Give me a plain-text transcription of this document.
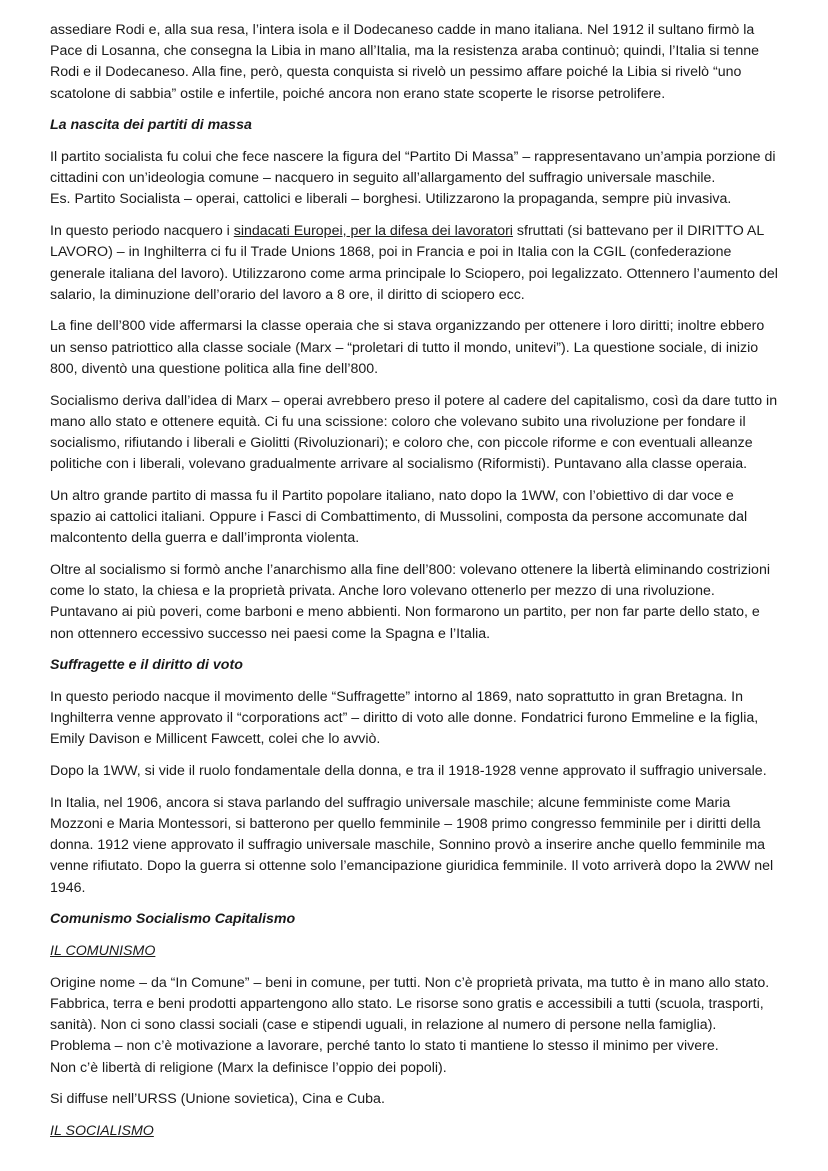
assediare Rodi e, alla sua resa, l’intera isola e il Dodecaneso cadde in mano italiana. Nel 1912 il sultano firmò la Pace di Losanna, che consegna la Libia in mano all’Italia, ma la resistenza araba continuò; quindi, l’Italia si tenne Rodi e il Dodecaneso. Alla fine, però, questa conquista si rivelò un pessimo affare poiché la Libia si rivelò “uno scatolone di sabbia” ostile e infertile, poiché ancora non erano state scoperte le risorse petrolifere.

La nascita dei partiti di massa

Il partito socialista fu colui che fece nascere la figura del “Partito Di Massa” – rappresentavano un’ampia porzione di cittadini con un’ideologia comune – nacquero in seguito all’allargamento del suffragio universale maschile.
Es. Partito Socialista – operai, cattolici e liberali – borghesi. Utilizzarono la propaganda, sempre più invasiva.

In questo periodo nacquero i sindacati Europei, per la difesa dei lavoratori sfruttati (si battevano per il DIRITTO AL LAVORO) – in Inghilterra ci fu il Trade Unions 1868, poi in Francia e poi in Italia con la CGIL (confederazione generale italiana del lavoro). Utilizzarono come arma principale lo Sciopero, poi legalizzato. Ottennero l’aumento del salario, la diminuzione dell’orario del lavoro a 8 ore, il diritto di sciopero ecc.

La fine dell’800 vide affermarsi la classe operaia che si stava organizzando per ottenere i loro diritti; inoltre ebbero un senso patriottico alla classe sociale (Marx – “proletari di tutto il mondo, unitevi”). La questione sociale, di inizio 800, diventò una questione politica alla fine dell’800.

Socialismo deriva dall’idea di Marx – operai avrebbero preso il potere al cadere del capitalismo, così da dare tutto in mano allo stato e ottenere equità. Ci fu una scissione: coloro che volevano subito una rivoluzione per fondare il socialismo, rifiutando i liberali e Giolitti (Rivoluzionari); e coloro che, con piccole riforme e con eventuali alleanze politiche con i liberali, volevano gradualmente arrivare al socialismo (Riformisti). Puntavano alla classe operaia.

Un altro grande partito di massa fu il Partito popolare italiano, nato dopo la 1WW, con l’obiettivo di dar voce e spazio ai cattolici italiani. Oppure i Fasci di Combattimento, di Mussolini, composta da persone accomunate dal malcontento della guerra e dall’impronta violenta.

Oltre al socialismo si formò anche l’anarchismo alla fine dell’800: volevano ottenere la libertà eliminando costrizioni come lo stato, la chiesa e la proprietà privata. Anche loro volevano ottenerlo per mezzo di una rivoluzione. Puntavano ai più poveri, come barboni e meno abbienti. Non formarono un partito, per non far parte dello stato, e non ottennero eccessivo successo nei paesi come la Spagna e l’Italia.

Suffragette e il diritto di voto

In questo periodo nacque il movimento delle “Suffragette” intorno al 1869, nato soprattutto in gran Bretagna. In Inghilterra venne approvato il “corporations act” – diritto di voto alle donne. Fondatrici furono Emmeline e la figlia, Emily Davison e Millicent Fawcett, colei che lo avviò.

Dopo la 1WW, si vide il ruolo fondamentale della donna, e tra il 1918-1928 venne approvato il suffragio universale.

In Italia, nel 1906, ancora si stava parlando del suffragio universale maschile; alcune femministe come Maria Mozzoni e Maria Montessori, si batterono per quello femminile – 1908 primo congresso femminile per i diritti della donna. 1912 viene approvato il suffragio universale maschile, Sonnino provò a inserire anche quello femminile ma venne rifiutato. Dopo la guerra si ottenne solo l’emancipazione giuridica femminile. Il voto arriverà dopo la 2WW nel 1946.

Comunismo Socialismo Capitalismo
IL COMUNISMO

Origine nome – da “In Comune” – beni in comune, per tutti. Non c’è proprietà privata, ma tutto è in mano allo stato. Fabbrica, terra e beni prodotti appartengono allo stato. Le risorse sono gratis e accessibili a tutti (scuola, trasporti, sanità). Non ci sono classi sociali (case e stipendi uguali, in relazione al numero di persone nella famiglia).
Problema – non c’è motivazione a lavorare, perché tanto lo stato ti mantiene lo stesso il minimo per vivere.
Non c’è libertà di religione (Marx la definisce l’oppio dei popoli).

Si diffuse nell’URSS (Unione sovietica), Cina e Cuba.

IL SOCIALISMO
